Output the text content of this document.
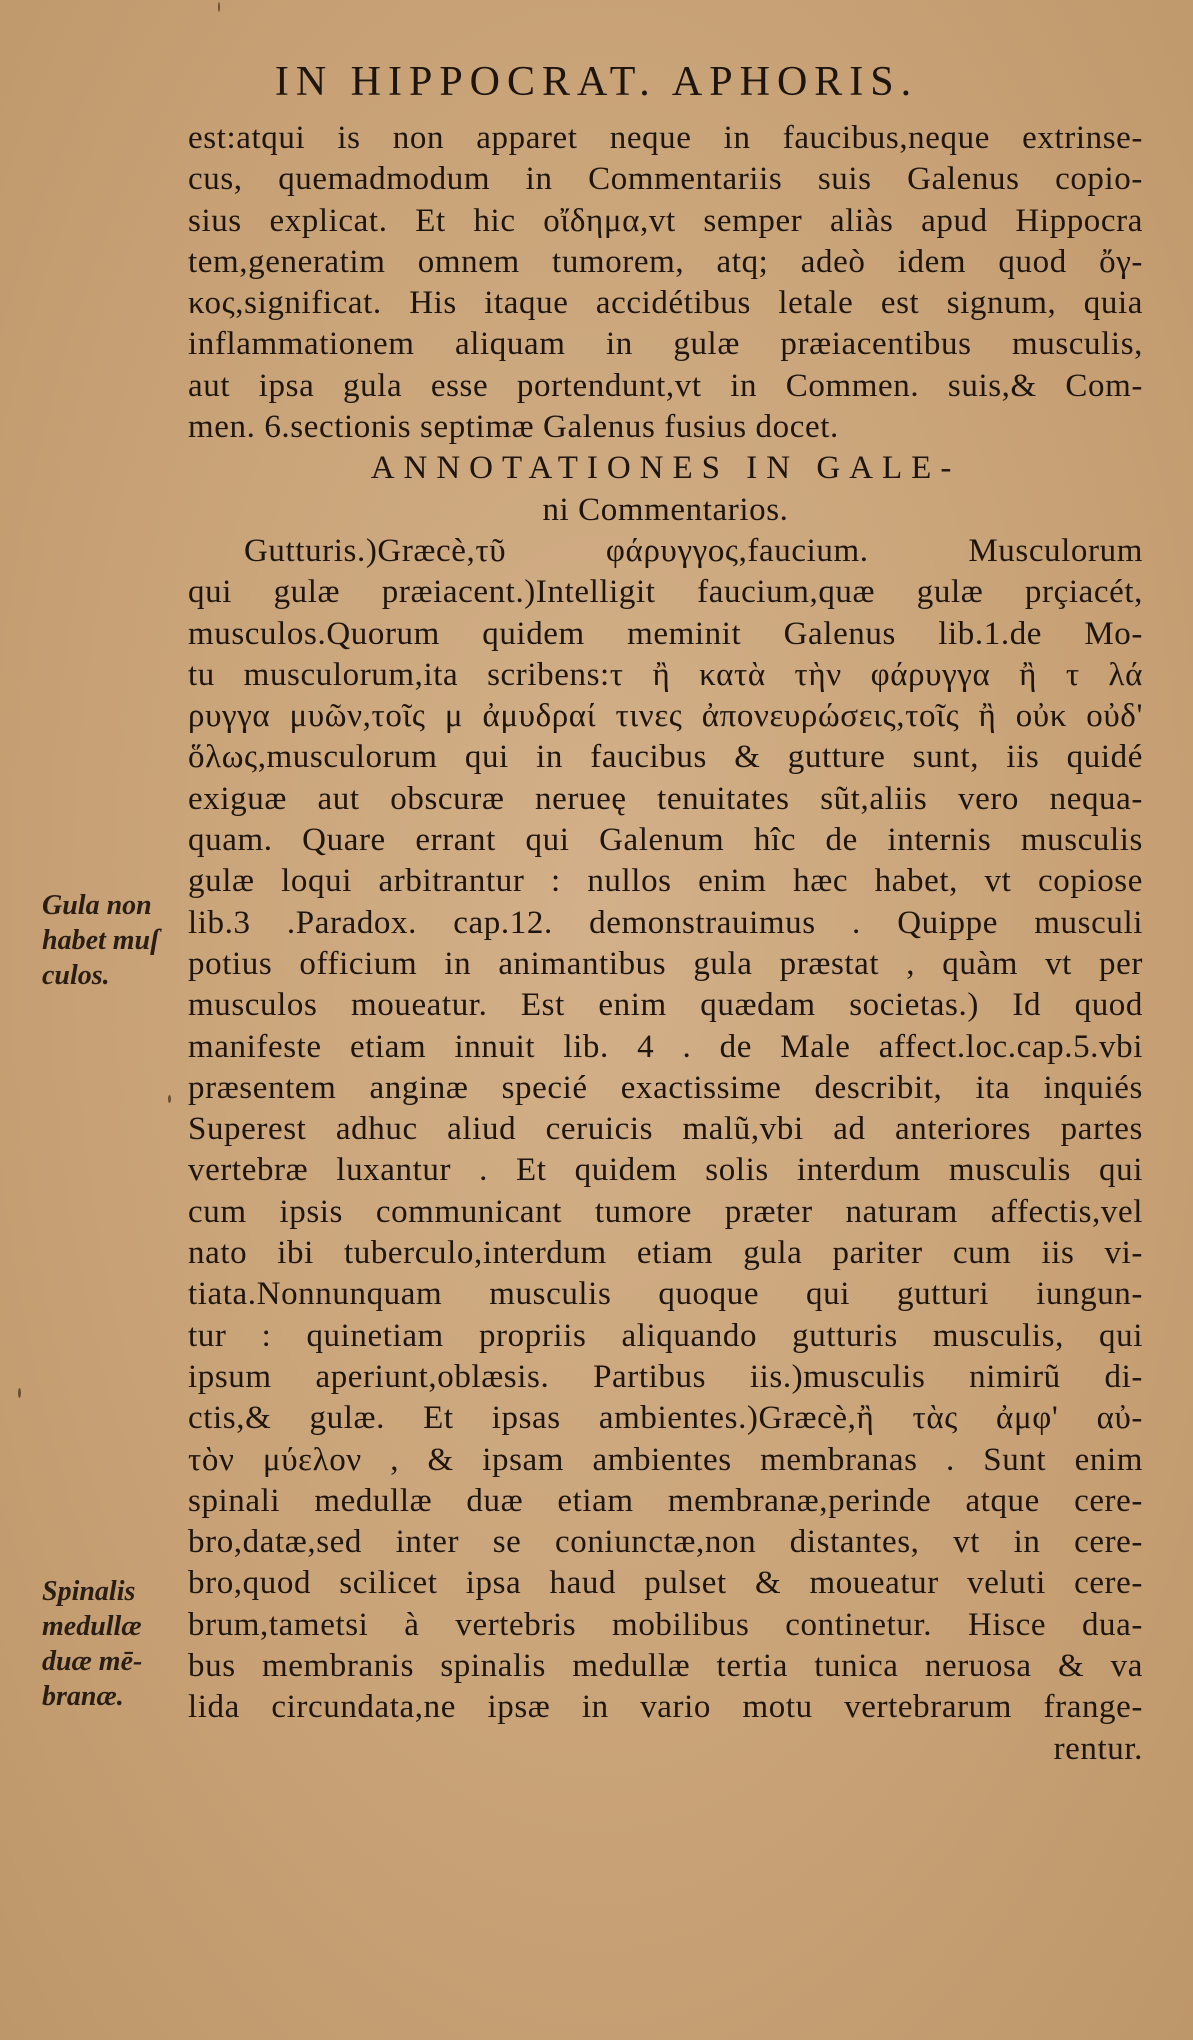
IN HIPPOCRAT. APHORIS.
est:atqui is non apparet neque in faucibus,neque extrinse-
cus, quemadmodum in Commentariis suis Galenus copio-
sius explicat. Et hic οἴδημα,vt semper aliàs apud Hippocra
tem,generatim omnem tumorem, atq; adeò idem quod ὄγ-
κος,significat. His itaque accidétibus letale est signum, quia
inflammationem aliquam in gulæ præiacentibus musculis,
aut ipsa gula esse portendunt,vt in Commen. suis,& Com-
men. 6.sectionis septimæ Galenus fusius docet.
ANNOTATIONES IN GALE-
ni Commentarios.
Gutturis.)Græcè,τῦ φάρυγγος,faucium. Musculorum
qui gulæ præiacent.)Intelligit faucium,quæ gulæ prçiacét,
musculos.Quorum quidem meminit Galenus lib.1.de Mo-
tu musculorum,ita scribens:τ ἢ κατὰ τὴν φάρυγγα ἢ τ λά
ρυγγα μυῶν,τοῖς μ ἀμυδραί τινες ἀπονευρώσεις,τοῖς ἢ οὐκ οὐδ'
ὅλως,musculorum qui in faucibus & gutture sunt, iis quidé
exiguæ aut obscuræ nerueę tenuitates sũt,aliis vero nequa-
quam. Quare errant qui Galenum hîc de internis musculis
gulæ loqui arbitrantur : nullos enim hæc habet, vt copiose
lib.3 .Paradox. cap.12. demonstrauimus . Quippe musculi
potius officium in animantibus gula præstat , quàm vt per
musculos moueatur. Est enim quædam societas.) Id quod
manifeste etiam innuit lib. 4 . de Male affect.loc.cap.5.vbi
præsentem anginæ specié exactissime describit, ita inquiés
Superest adhuc aliud ceruicis malũ,vbi ad anteriores partes
vertebræ luxantur . Et quidem solis interdum musculis qui
cum ipsis communicant tumore præter naturam affectis,vel
nato ibi tuberculo,interdum etiam gula pariter cum iis vi-
tiata.Nonnunquam musculis quoque qui gutturi iungun-
tur : quinetiam propriis aliquando gutturis musculis, qui
ipsum aperiunt,oblæsis. Partibus iis.)musculis nimirũ di-
ctis,& gulæ. Et ipsas ambientes.)Græcè,ἢ τὰς ἀμφ' αὐ-
τὸν μύελον , & ipsam ambientes membranas . Sunt enim
spinali medullæ duæ etiam membranæ,perinde atque cere-
bro,datæ,sed inter se coniunctæ,non distantes, vt in cere-
bro,quod scilicet ipsa haud pulset & moueatur veluti cere-
brum,tametsi à vertebris mobilibus continetur. Hisce dua-
bus membranis spinalis medullæ tertia tunica neruosa & va
lida circundata,ne ipsæ in vario motu vertebrarum frange-
rentur.
Gula non
habet muſ
culos.
Spinalis
medullæ
duæ mē-
branæ.
